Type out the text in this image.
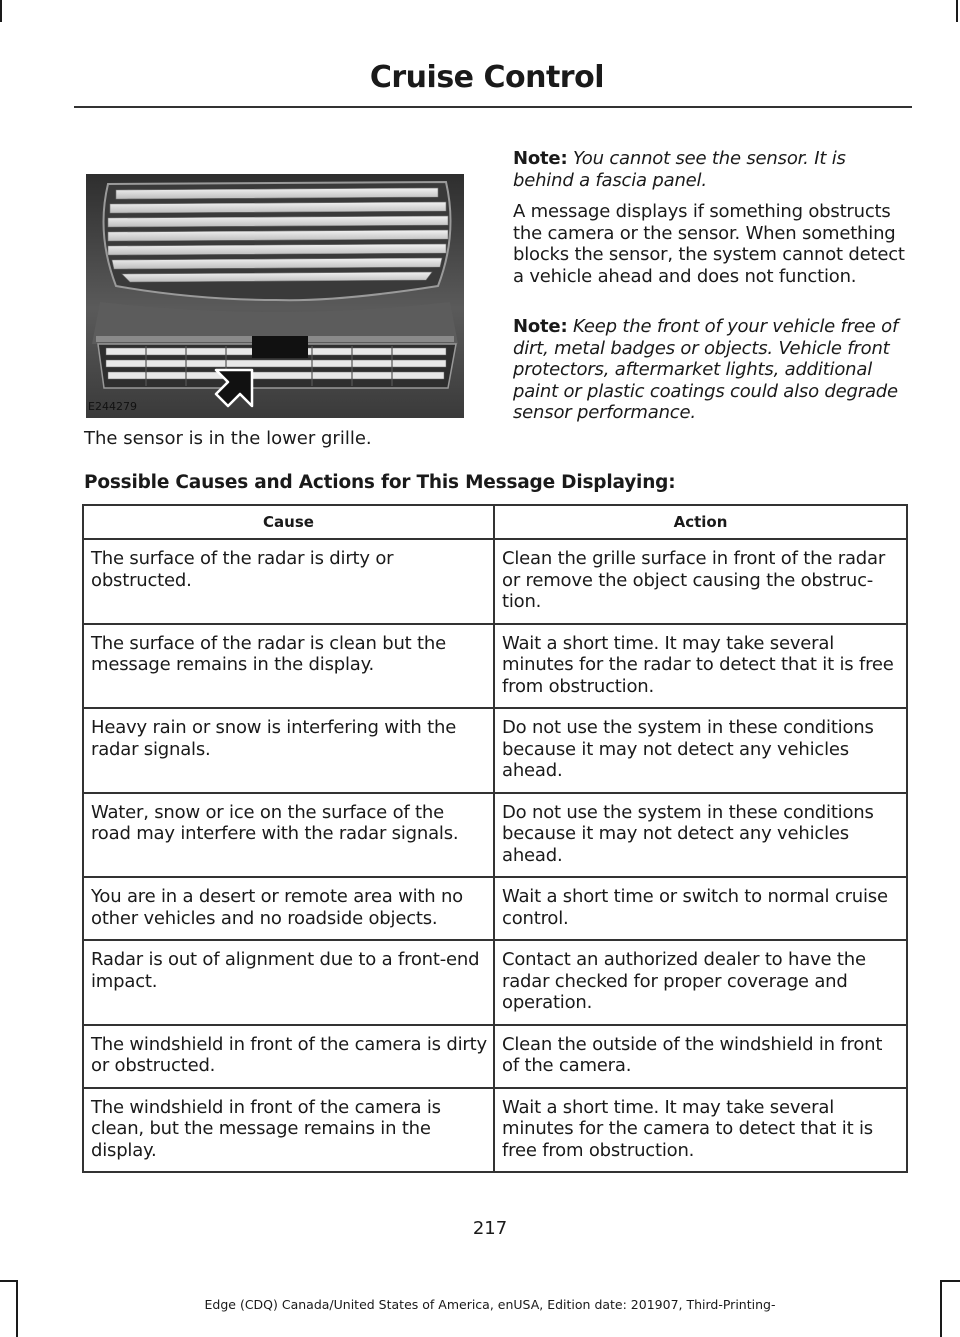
Cruise Control
E244279
The sensor is in the lower grille.
Note: You cannot see the sensor. It is behind a fascia panel.
A message displays if something obstructs the camera or the sensor. When something blocks the sensor, the system cannot detect a vehicle ahead and does not function.
Note: Keep the front of your vehicle free of dirt, metal badges or objects. Vehicle front protectors, aftermarket lights, additional paint or plastic coatings could also degrade sensor performance.
Possible Causes and Actions for This Message Displaying:
Cause	Action
The surface of the radar is dirty or obstructed.	Clean the grille surface in front of the radar or remove the object causing the obstruc-tion.
The surface of the radar is clean but the message remains in the display.	Wait a short time. It may take several minutes for the radar to detect that it is free from obstruction.
Heavy rain or snow is interfering with the radar signals.	Do not use the system in these conditions because it may not detect any vehicles ahead.
Water, snow or ice on the surface of the road may interfere with the radar signals.	Do not use the system in these conditions because it may not detect any vehicles ahead.
You are in a desert or remote area with no other vehicles and no roadside objects.	Wait a short time or switch to normal cruise control.
Radar is out of alignment due to a front-end impact.	Contact an authorized dealer to have the radar checked for proper coverage and operation.
The windshield in front of the camera is dirty or obstructed.	Clean the outside of the windshield in front of the camera.
The windshield in front of the camera is clean, but the message remains in the display.	Wait a short time. It may take several minutes for the camera to detect that it is free from obstruction.
217
Edge (CDQ) Canada/United States of America, enUSA, Edition date: 201907, Third-Printing-
